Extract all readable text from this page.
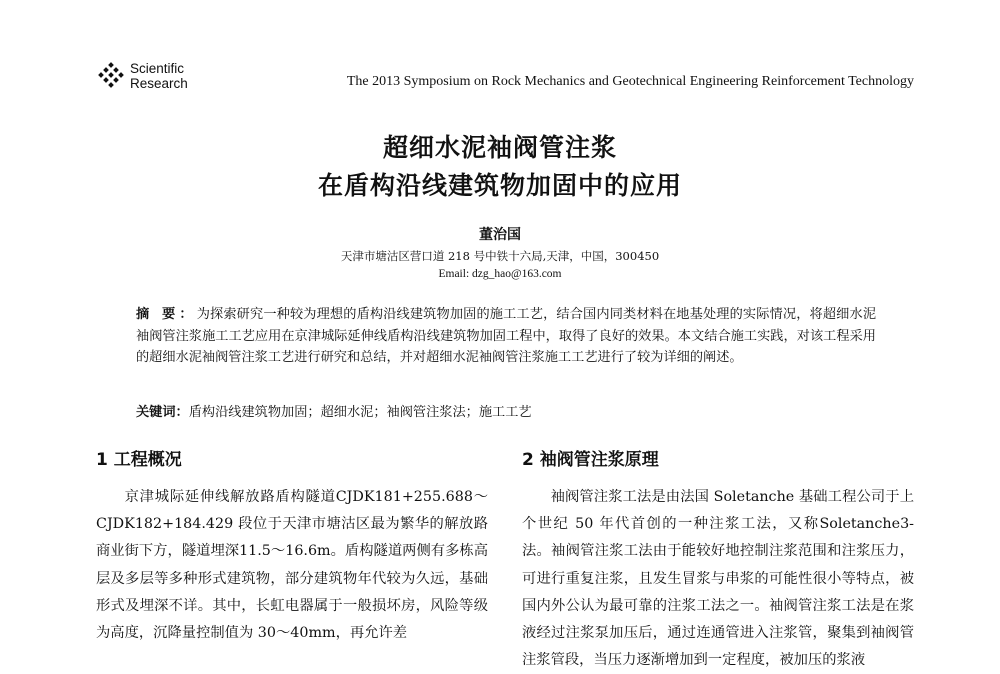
Scientific
Research	The 2013 Symposium on Rock Mechanics and Geotechnical Engineering Reinforcement Technology
超细水泥袖阀管注浆
在盾构沿线建筑物加固中的应用
董治国
天津市塘沽区营口道 218 号中铁十六局,天津，中国，300450
Email: dzg_hao@163.com
摘 要：为探索研究一种较为理想的盾构沿线建筑物加固的施工工艺，结合国内同类材料在地基处理的实际情况，将超细水泥袖阀管注浆施工工艺应用在京津城际延伸线盾构沿线建筑物加固工程中，取得了良好的效果。本文结合施工实践，对该工程采用的超细水泥袖阀管注浆工艺进行研究和总结，并对超细水泥袖阀管注浆施工工艺进行了较为详细的阐述。
关键词：盾构沿线建筑物加固；超细水泥；袖阀管注浆法；施工工艺
1 工程概况

京津城际延伸线解放路盾构隧道CJDK181+255.688～CJDK182+184.429 段位于天津市塘沽区最为繁华的解放路商业街下方，隧道埋深11.5～16.6m。盾构隧道两侧有多栋高层及多层等多种形式建筑物，部分建筑物年代较为久远，基础形式及埋深不详。其中，长虹电器属于一般损坏房，风险等级为高度，沉降量控制值为 30～40mm，再允许差

2 袖阀管注浆原理

袖阀管注浆工法是由法国 Soletanche 基础工程公司于上个世纪 50 年代首创的一种注浆工法，又称Soletanche3-法。袖阀管注浆工法由于能较好地控制注浆范围和注浆压力，可进行重复注浆，且发生冒浆与串浆的可能性很小等特点，被国内外公认为最可靠的注浆工法之一。袖阀管注浆工法是在浆液经过注浆泵加压后，通过连通管进入注浆管，聚集到袖阀管注浆管段，当压力逐渐增加到一定程度，被加压的浆液
